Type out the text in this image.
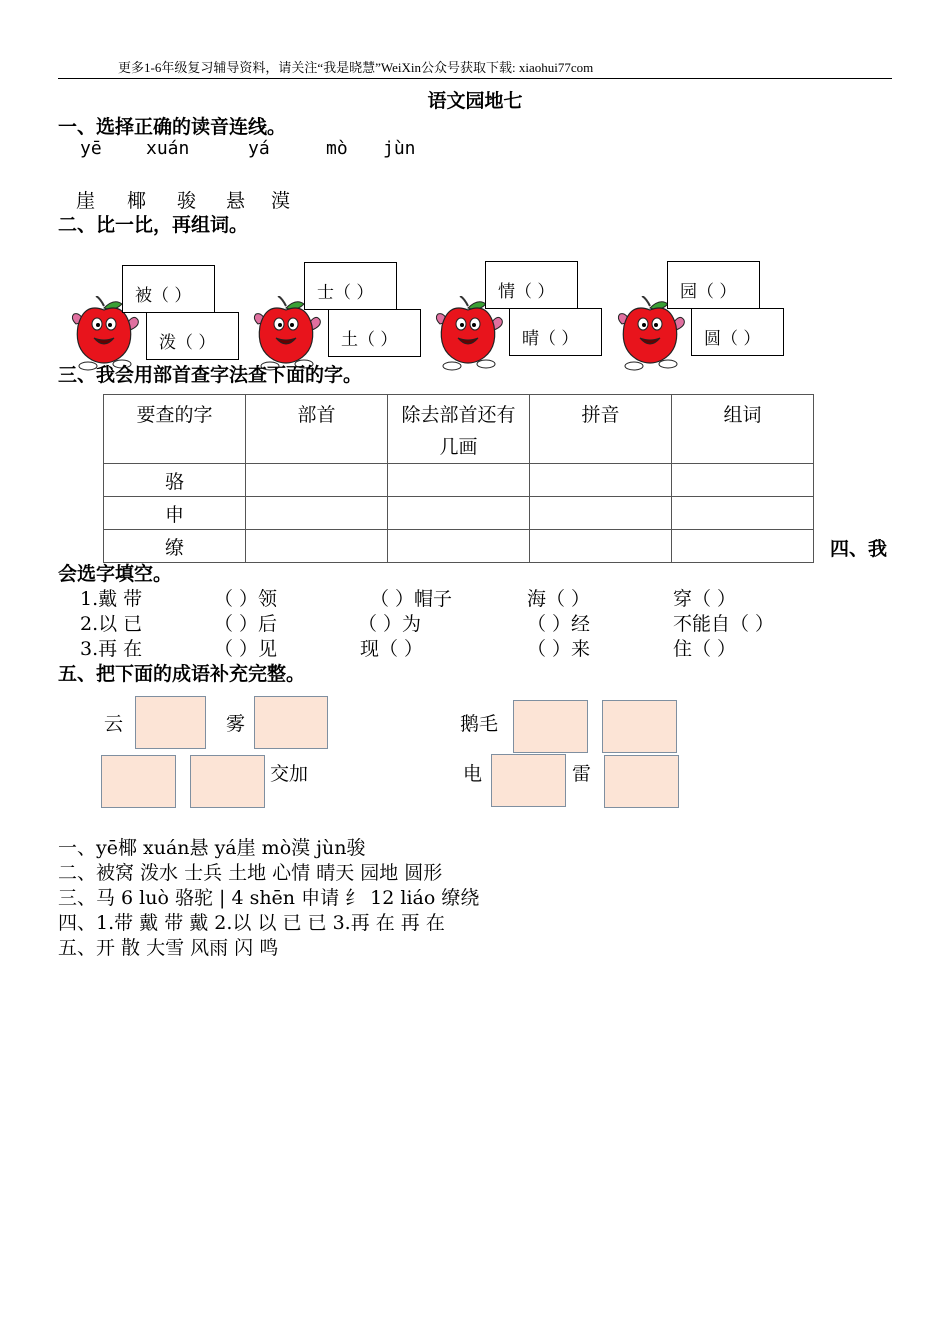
更多1-6年级复习辅导资料，请关注“我是晓慧”WeiXin公众号获取下载: xiaohui77com
语文园地七
一、选择正确的读音连线。
yē xuán	yá	mò jùn
崖 椰 骏 悬 漠
二、比一比，再组词。
被（ ）
泼（ ）
士（ ）
土（ ）
情（ ）
晴（ ）
园（ ）
圆（ ）
三、我会用部首查字法查下面的字。
要查的字	部首	除去部首还有几画	拼音	组词
骆				
申				
缭					四、我
会选字填空。
1.戴 带	（ ）领	（ ）帽子	海（ ）	穿（ ）
2.以 已	（ ）后	（ ）为	（ ）经	不能自（ ）
3.再 在	（ ）见	现（ ）	（ ）来	住（ ）
五、把下面的成语补充完整。
云	雾
交加
鹅毛
电	雷
一、yē椰 xuán悬 yá崖 mò漠 jùn骏
二、被窝 泼水 士兵 土地 心情 晴天 园地 圆形
三、马 6 luò 骆驼 | 4 shēn 申请 纟 12 liáo 缭绕
四、1.带 戴 带 戴 2.以 以 已 已 3.再 在 再 在
五、开 散 大雪 风雨 闪 鸣
